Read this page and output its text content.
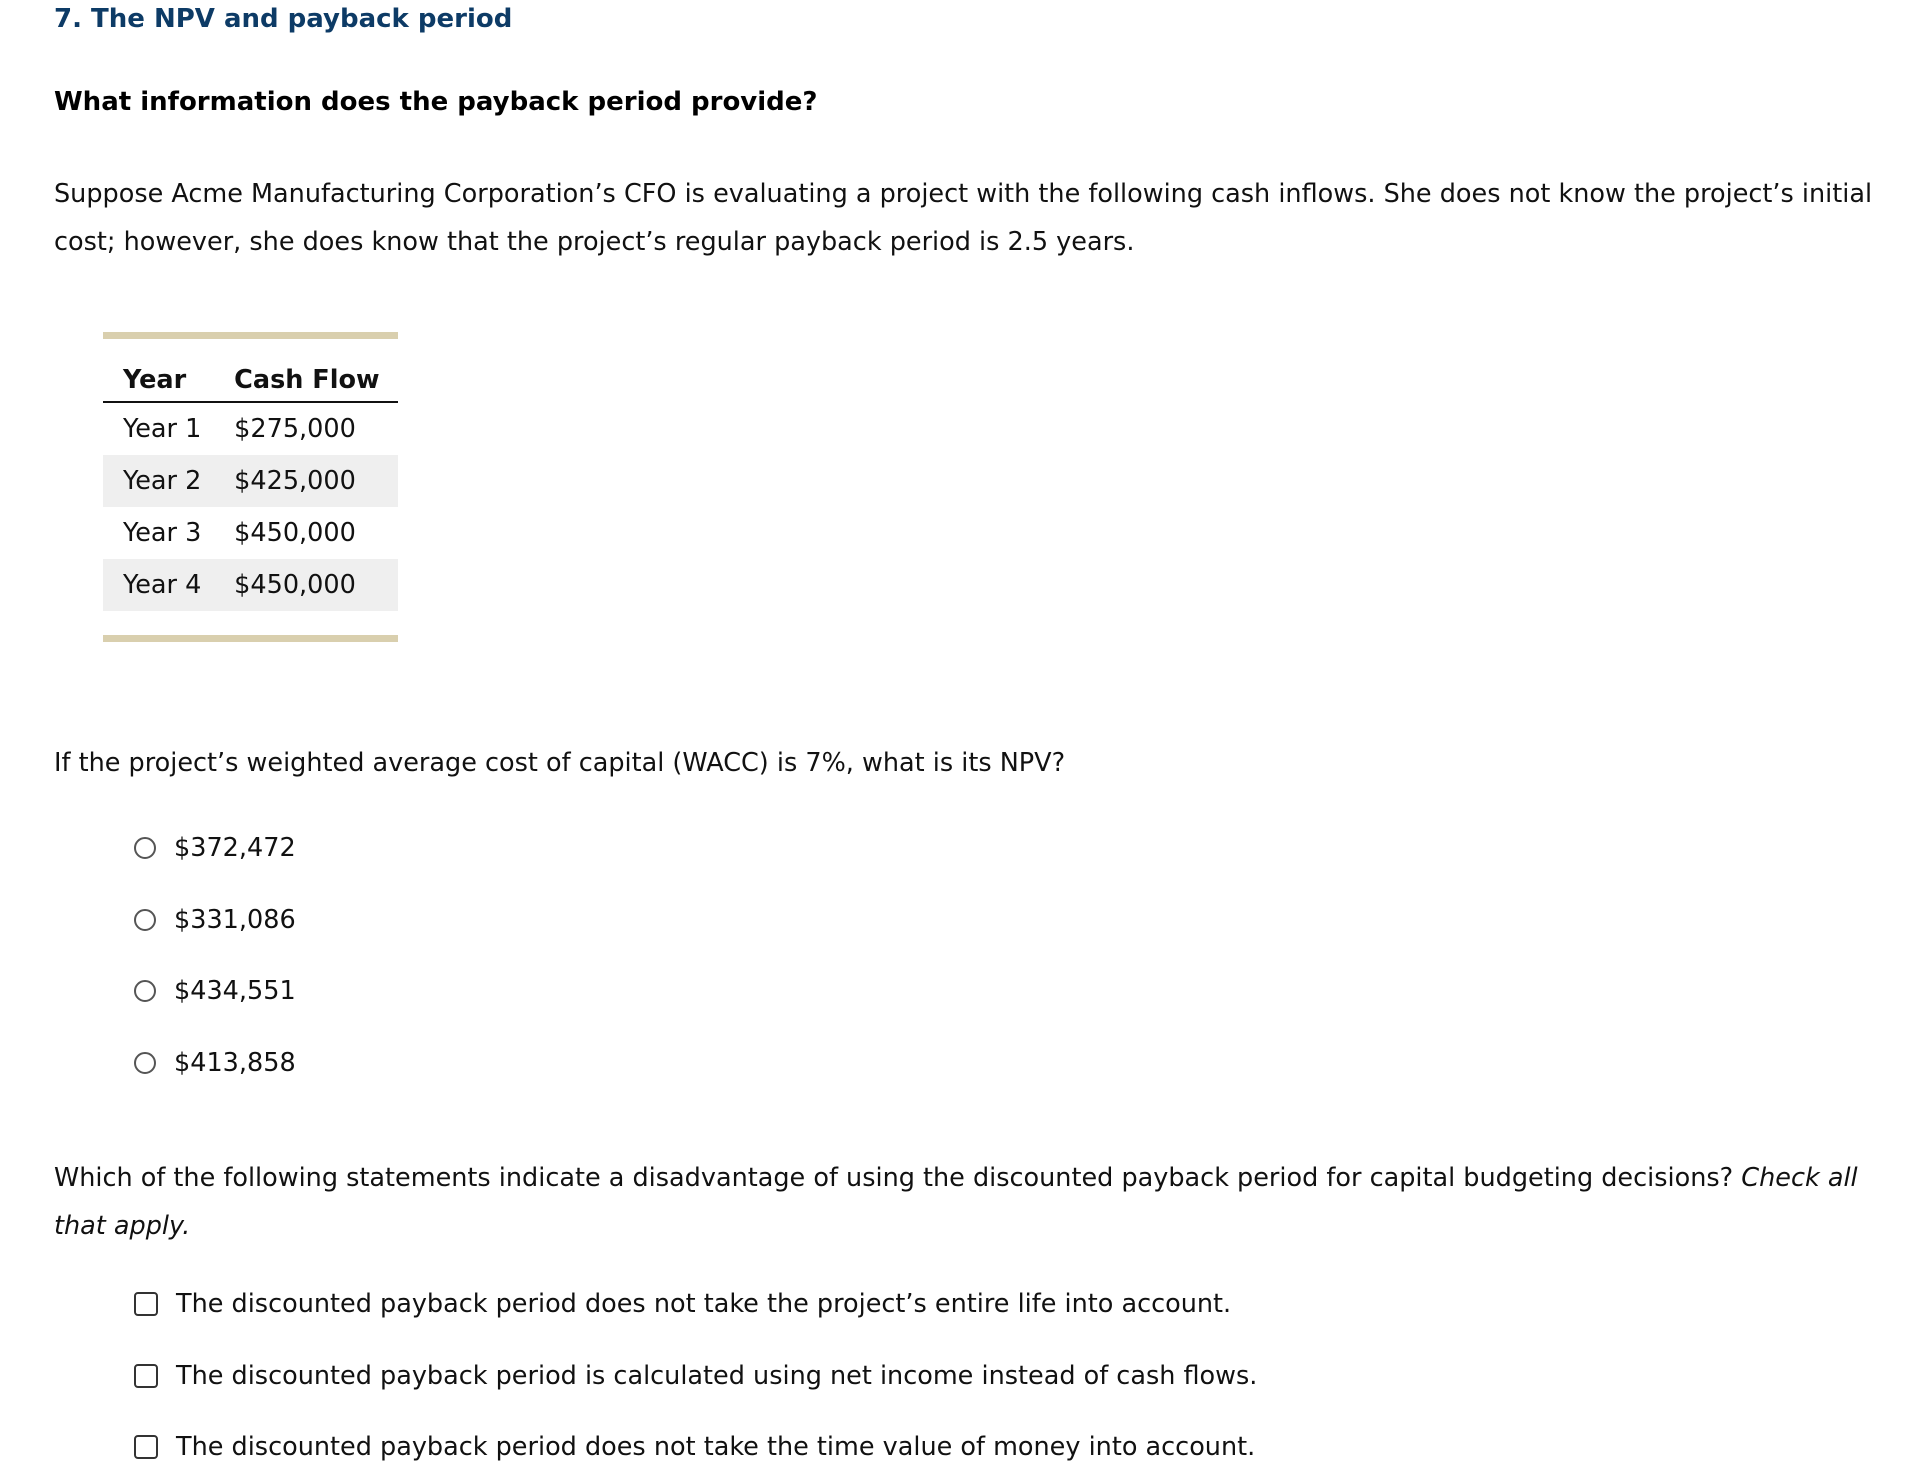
7. The NPV and payback period
What information does the payback period provide?
Suppose Acme Manufacturing Corporation’s CFO is evaluating a project with the following cash inflows. She does not know the project’s initial cost; however, she does know that the project’s regular payback period is 2.5 years.
Year	Cash Flow
Year 1	$275,000
Year 2	$425,000
Year 3	$450,000
Year 4	$450,000
If the project’s weighted average cost of capital (WACC) is 7%, what is its NPV?
$372,472
$331,086
$434,551
$413,858
Which of the following statements indicate a disadvantage of using the discounted payback period for capital budgeting decisions? Check all that apply.
The discounted payback period does not take the project’s entire life into account.
The discounted payback period is calculated using net income instead of cash flows.
The discounted payback period does not take the time value of money into account.
